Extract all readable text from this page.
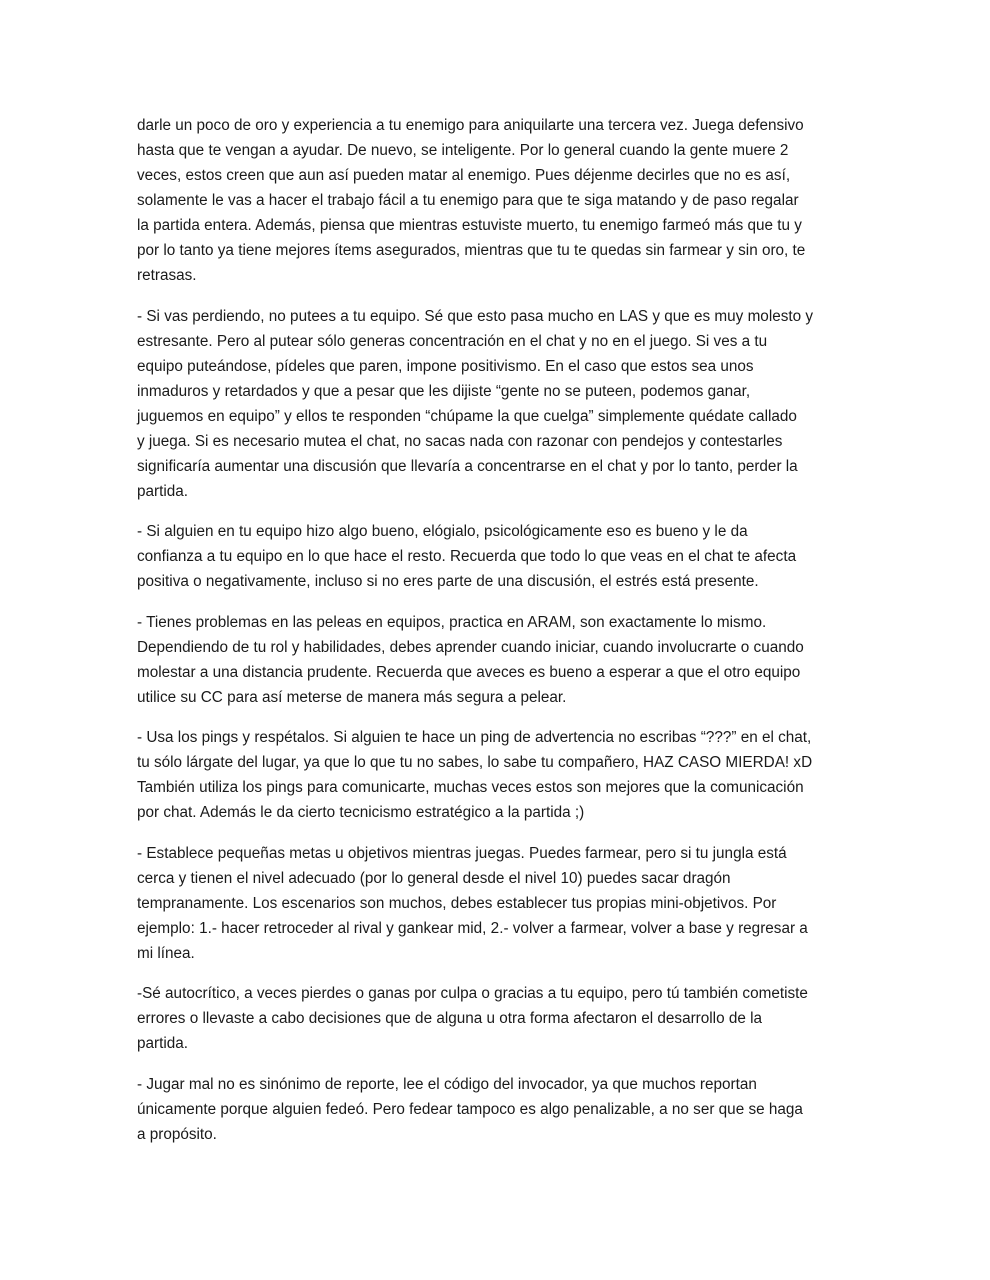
darle un poco de oro y experiencia a tu enemigo para aniquilarte una tercera vez. Juega defensivo
hasta que te vengan a ayudar. De nuevo, se inteligente. Por lo general cuando la gente muere 2
veces, estos creen que aun así pueden matar al enemigo. Pues déjenme decirles que no es así,
solamente le vas a hacer el trabajo fácil a tu enemigo para que te siga matando y de paso regalar
la partida entera. Además, piensa que mientras estuviste muerto, tu enemigo farmeó más que tu y
por lo tanto ya tiene mejores ítems asegurados, mientras que tu te quedas sin farmear y sin oro, te
retrasas.

- Si vas perdiendo, no putees a tu equipo. Sé que esto pasa mucho en LAS y que es muy molesto y
estresante. Pero al putear sólo generas concentración en el chat y no en el juego. Si ves a tu
equipo puteándose, pídeles que paren, impone positivismo. En el caso que estos sea unos
inmaduros y retardados y que a pesar que les dijiste “gente no se puteen, podemos ganar,
juguemos en equipo” y ellos te responden “chúpame la que cuelga” simplemente quédate callado
y juega. Si es necesario mutea el chat, no sacas nada con razonar con pendejos y contestarles
significaría aumentar una discusión que llevaría a concentrarse en el chat y por lo tanto, perder la
partida.

- Si alguien en tu equipo hizo algo bueno, elógialo, psicológicamente eso es bueno y le da
confianza a tu equipo en lo que hace el resto. Recuerda que todo lo que veas en el chat te afecta
positiva o negativamente, incluso si no eres parte de una discusión, el estrés está presente.

- Tienes problemas en las peleas en equipos, practica en ARAM, son exactamente lo mismo.
Dependiendo de tu rol y habilidades, debes aprender cuando iniciar, cuando involucrarte o cuando
molestar a una distancia prudente. Recuerda que aveces es bueno a esperar a que el otro equipo
utilice su CC para así meterse de manera más segura a pelear.

- Usa los pings y respétalos. Si alguien te hace un ping de advertencia no escribas “???” en el chat,
tu sólo lárgate del lugar, ya que lo que tu no sabes, lo sabe tu compañero, HAZ CASO MIERDA! xD
También utiliza los pings para comunicarte, muchas veces estos son mejores que la comunicación
por chat. Además le da cierto tecnicismo estratégico a la partida ;)

- Establece pequeñas metas u objetivos mientras juegas. Puedes farmear, pero si tu jungla está
cerca y tienen el nivel adecuado (por lo general desde el nivel 10) puedes sacar dragón
tempranamente. Los escenarios son muchos, debes establecer tus propias mini-objetivos. Por
ejemplo: 1.- hacer retroceder al rival y gankear mid, 2.- volver a farmear, volver a base y regresar a
mi línea.

-Sé autocrítico, a veces pierdes o ganas por culpa o gracias a tu equipo, pero tú también cometiste
errores o llevaste a cabo decisiones que de alguna u otra forma afectaron el desarrollo de la
partida.

- Jugar mal no es sinónimo de reporte, lee el código del invocador, ya que muchos reportan
únicamente porque alguien fedeó. Pero fedear tampoco es algo penalizable, a no ser que se haga
a propósito.
